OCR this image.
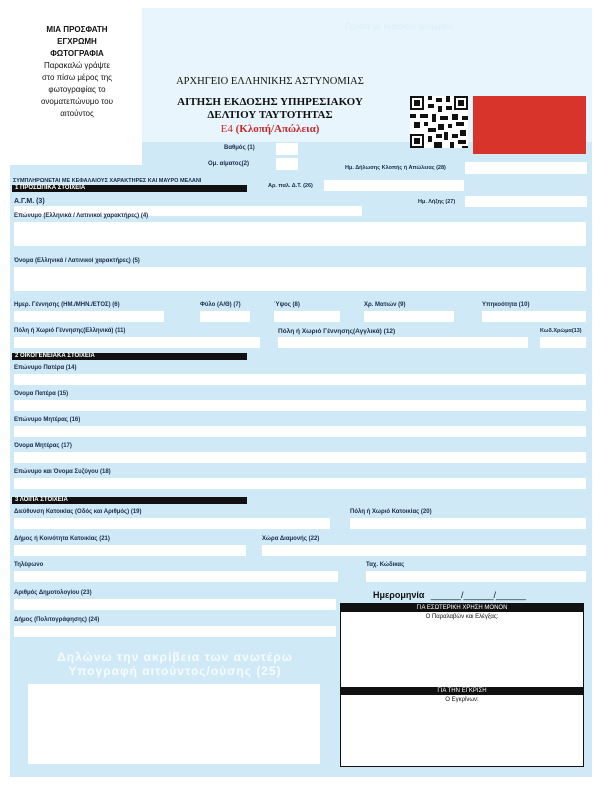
ΜΙΑ ΠΡΟΣΦΑΤΗ
ΕΓΧΡΩΜΗ
ΦΩΤΟΓΡΑΦΙΑ
Παρακαλώ γράψτε
στο πίσω μέρος της
φωτογραφίας το
ονοματεπώνυμο του
αιτούντος
Γεμίστε με κεφαλαία γράμματα
ΑΡΧΗΓΕΙΟ ΕΛΛΗΝΙΚΗΣ ΑΣΤΥΝΟΜΙΑΣ
ΑΙΤΗΣΗ ΕΚΔΟΣΗΣ ΥΠΗΡΕΣΙΑΚΟΥ
ΔΕΛΤΙΟΥ ΤΑΥΤΟΤΗΤΑΣ
Ε4 (Κλοπή/Απώλεια)
Βαθμός (1)
Ομ. αίματος(2)
Ημ. Δήλωσης Κλοπής ή Απώλειας (28)
ΣΥΜΠΛΗΡΩΝΕΤΑΙ ΜΕ ΚΕΦΑΛΑΙΟΥΣ ΧΑΡΑΚΤΗΡΕΣ ΚΑΙ ΜΑΥΡΟ ΜΕΛΑΝΙ
Αρ. παλ. Δ.Τ. (26)
1 ΠΡΟΣΩΠΙΚΑ ΣΤΟΙΧΕΙΑ
Α.Γ.Μ. (3)	Ημ. Λήξης (27)
Επώνυμο (Ελληνικά / Λατινικοί χαρακτήρες) (4)
Όνομα (Ελληνικά / Λατινικοί χαρακτήρες) (5)
Ημερ. Γέννησης (ΗΜ./ΜΗΝ./ΕΤΟΣ) (6)	Φύλο (Α/Θ) (7)	Ύψος (8)	Χρ. Ματιών (9)	Υπηκοότητα (10)
Πόλη ή Χωριό Γέννησης(Ελληνικά) (11)	Πόλη ή Χωριό Γέννησης(Αγγλικά) (12)	Κωδ.Χρώμα(13)
2 ΟΙΚΟΓΕΝΕΙΑΚΑ ΣΤΟΙΧΕΙΑ
Επώνυμο Πατέρα (14)
Όνομα Πατέρα (15)
Επώνυμο Μητέρας (16)
Όνομα Μητέρας (17)
Επώνυμο και Όνομα Συζύγου (18)
3 ΛΟΙΠΑ ΣΤΟΙΧΕΙΑ
Διεύθυνση Κατοικίας (Οδός και Αριθμός) (19)	Πόλη ή Χωριό Κατοικίας (20)
Δήμος ή Κοινότητα Κατοικίας (21)	Χώρα Διαμονής (22)
Τηλέφωνο	Ταχ. Κώδικας
Αριθμός Δημοτολογίου (23)
Δήμος (Πολιτογράφησης) (24)
Ημερομηνία ______/______/______
Δηλώνω την ακρίβεια των ανωτέρω
Υπογραφή αιτούντος/ούσης (25)
ΓΙΑ ΕΣΩΤΕΡΙΚΗ ΧΡΗΣΗ ΜΟΝΟΝ
Ο Παραλαβών και Ελέγξας:
ΓΙΑ ΤΗΝ ΕΓΚΡΙΣΗ
Ο Εγκρίνων:
